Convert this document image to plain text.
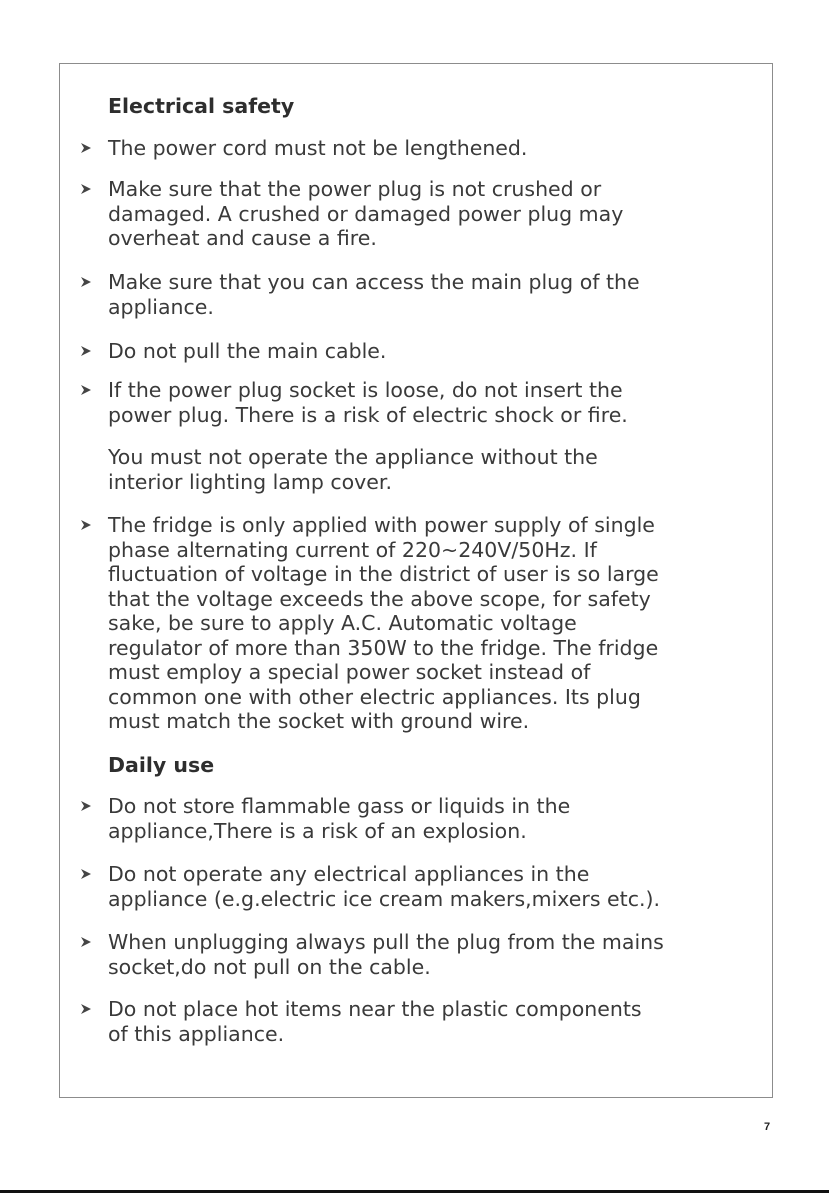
Electrical safety
The power cord must not be lengthened.
Make sure that the power plug is not crushed or
damaged. A crushed or damaged power plug may
overheat and cause a fire.
Make sure that you can access the main plug of the
appliance.
Do not pull the main cable.
If the power plug socket is loose, do not insert the
power plug. There is a risk of electric shock or fire.
You must not operate the appliance without the
interior lighting lamp cover.
The fridge is only applied with power supply of single
phase alternating current of 220~240V/50Hz. If
fluctuation of voltage in the district of user is so large
that the voltage exceeds the above scope, for safety
sake, be sure to apply A.C. Automatic voltage
regulator of more than 350W to the fridge. The fridge
must employ a special power socket instead of
common one with other electric appliances. Its plug
must match the socket with ground wire.
Daily use
Do not store flammable gass or liquids in the
appliance,There is a risk of an explosion.
Do not operate any electrical appliances in the
appliance (e.g.electric ice cream makers,mixers etc.).
When unplugging always pull the plug from the mains
socket,do not pull on the cable.
Do not place hot items near the plastic components
of this appliance.
7
